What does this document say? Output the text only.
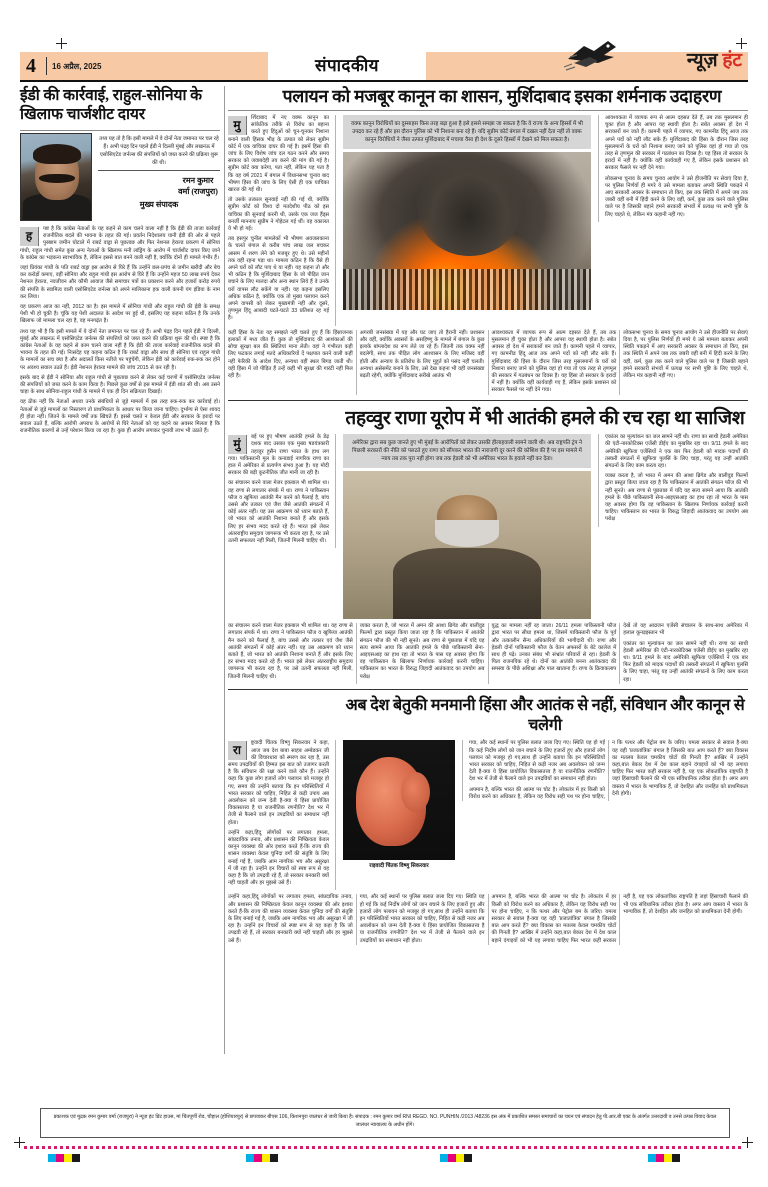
4 16 अप्रैल, 2025	संपादकीय	न्यूज़ हंट
ईडी की कार्रवाई, राहुल-सोनिया के खिलाफ चार्जशीट दायर
तथ्य यह तो है कि इसी मामले में वे दोनों नेता जमानत पर चल रहे हैं। अभी पंद्रह दिन पहले ईडी ने दिल्ली मुंबई और लखनऊ में एसोसिएटेड जर्नल्स की संपत्तियों को जब्त करने की प्रक्रिया शुरू की थी।
रमन कुमार वर्मा (राजपुरा)
मुख्य संपादक
ह	पष्ट है कि कांग्रेस नेताओं के यह कहने से काम चलने वाला नहीं है कि ईडी की ताजा कार्रवाई राजनीतिक बदले की भावना के तहत की गई। प्रवर्तन निदेशालय यानी ईडी की ओर से पहले पुरुष्ठाम जमीन घोटाले में राबर्ट वाड्रा से पूछताछ और फिर नेशनल हेराल्ड प्रकरण में सोनिया गांधी, राहुल गांधी समेत कुछ अन्य नेताओं के खिलाफ मनी लांड्रिंग के आरोप में चार्जशीट दायर किए जाने के कांग्रेस का भड़कना स्वाभाविक है, लेकिन इससे बात बनने वाली नहीं है, क्योंकि दोनों ही मामले गंभीर हैं।

जहां प्रियंका गांधी के पति राबर्ट वाड्रा इस आरोप से घिरे हैं कि उन्होंने छल-प्रपंच से जमीन खरीदी और बेच कर करोड़ों कमाए, वहीं सोनिया और राहुल गांधी इस आरोप से घिरे हैं कि उन्होंने महज 50 लाख रुपये देकर नेशनल हेराल्ड, नवजीवन और कौमी आवाज जैसे समाचार पत्रों का प्रकाशन करने और हजारों करोड़ रुपये की संपत्ति के स्वामित्व वाली एसोसिएटेड जर्नल्स को अपने मालिकाना हक वाली कंपनी यंग इंडिया के नाम कर लिया।

यह प्रकरण आज का नहीं, 2012 का है। इस मामले में सोनिया गांधी और राहुल गांधी की ईडी के समक्ष पेशी भी हो चुकी है। चूंकि यह पेशी अदालत के आदेश पर हुई थी, इसलिए यह कहना कठिन है कि उनके खिलाफ जो मामला चल रहा है, वह मनगढ़ंत है।

तथ्य यह भी है कि इसी मामले में ये दोनों नेता जमानत पर चल रहे हैं। अभी पंद्रह दिन पहले ईडी ने दिल्ली, मुंबई और लखनऊ में एसोसिएटेड जर्नल्स की संपत्तियों को जब्त करने की प्रक्रिया शुरू की थी। स्पष्ट है कि कांग्रेस नेताओं के यह कहने से काम चलने वाला नहीं है कि ईडी की ताजा कार्रवाई राजनीतिक बदले की भावना के तहत की गई। निःसंदेह यह कहना कठिन है कि राबर्ट वाड्रा और साथ ही सोनिया एवं राहुल गांधी के मामलों का सच क्या है और अदालतें किस नतीजे पर पहुंचेंगी, लेकिन ईडी को कार्रवाई रुक-रुक कर होने पर अवश्य सवाल उठते हैं। ईडी नेशनल हेराल्ड मामले की जांच 2015 से कर रही है।

इसके बाद से ईडी ने सोनिया और राहुल गांधी से पूछताछ करने से लेकर कई चरणों में एसोसिएटेड जर्नल्स की संपत्तियों को जब्त करने के काम किया है। पिछले कुछ वर्षों से इस मामले में ईडी शांत सी थी। अब उसने चाहा के साथ सोनिया-राहुल गांधी के मामले में एक ही दिन सक्रियता दिखाई।

यह ठीक नहीं कि नेताओं अथवा उनके संबंधियों से जुड़े मामलों में इस तरह रुक-रुक कर कार्रवाई हो। नेताओं से जुड़े मामलों का निस्तारण तो प्राथमिकता के आधार पर किया जाना चाहिए। दुर्भाग्य से ऐसा शायद ही होता नहीं। जितने के मामले वर्षों तक खिंचते हैं। इससे चलते न केवल ईडी और सरकार के इरादों पर सवाल उठते हैं, बल्कि आरोपी अपराध के आरोपों से घिरे नेताओं को यह कहने का अवसर मिलता है कि राजनीतिक कारणों से उन्हें परेशान किया जा रहा है। कुछ ही आरोप लगाकर चुनावी लाभ भी उठाते हैं।

पलायन को मजबूर कानून का शासन, मुर्शिदाबाद इसका शर्मनाक उदाहरण
मु	र्शिदाबाद में नए वक्फ कानून का सांकेतिक तरीके से विरोध का बहाना करते हुए हिंदुओं को चुन-चुनकर निशाना बनाने वाली हिंसक भीड़ के उत्पात को लेकर सुप्रीम कोर्ट में एक याचिका दायर की गई है। इसमें हिंसा की जांच के लिए विशेष जांच दल गठन करने और समय सरकार को जवाबदेही तय करने की मांग की गई है। सुप्रीम कोर्ट क्या करेगा, पता नहीं, लेकिन यह पता है कि वह वर्ष 2021 में बंगाल में विधानसभा चुनाव बाद भीषण हिंसा की जांच के लिए ऐसी ही एक याचिका खारज की गई थी।

तो उसके तत्काल सुनवाई नहीं की गई थी, क्योंकि सुप्रीम कोर्ट को विश्व दो मतदेशीय पीठ को इस याचिका की सुनवाई करनी थी, उसके एक जज हैंड्स बनर्जी माननाय सुप्रीम ने गोहेटल गई थीं। वह वकालत ये भी हो गई।

तब हसपुर चुनील मामलेकों भी भीषण अवजलकाना के चलते बंगाल से करीब पांच लाख जल बचकर आसम में शरण लेने को मजबूर हुए थे। उसे महीनों तक वहीं रहना पड़ा था। मामला कठिन है कि वैसे ही अपने घरों को लौट पाए थे या नहीं। यह कहना तो और भी कठिन है कि मुर्शिदाबाद हिंसा के जो पीड़ित जान बचाने के लिए मालदा और अन्य स्थान लिये हैं वे उनके घरों वापस लौट सकेंगे या नहीं। यह कहना इसलिए अधिक कठिन है, क्योंकि एक तो मुख्य पलायन करने अपने वापसी को लेकर मुख्यमंत्री नहीं और दूसरे, तृणमूल हिंदू आबादी घटते-घटते 33 प्रतिशत रह गई है।

वक्फ कानून विरोधियों का दुस्साहस किस तरह बढ़ा हुआ है इसे इससे समझा जा सकता है कि वे राज्य के अन्य हिस्सों में भी उपद्रव कर रहे हैं और इस दौरान पुलिस को भी निशाना बना रहे हैं। यदि सुप्रीम कोर्ट बंगाल में दखल नहीं देता नहीं तो वक्फ कानून विरोधियों ने जैसा उत्पात मुर्शिदाबाद में मचाया वैसा ही देश के दूसरे हिस्सों में देखने को मिल सकता है।

आवश्यकता में व्यापक रूप से आत्म दहसत देते हैं, तब तक मुसलमान ही चुका होता है और आपरा यह स्थायी होता है। स्त्रोत अवसर हो देश में सराकारों बन जाते हैं। कामनी पहले में व्यापार, गए कामनीड हिंदू आज तक अपने पदों को नहीं लौट सके हैं। मुर्शिदाबाद की हिंसा के दौरान जिस तरह मुसलमानों के घरों को निशाना बनाए जाने को पुलिस वहां हो गया तो एक तरह से तृणमूल की सरकार में गठबंधन का दिवस है। यह हिंसा तो सरकार के इरादों में नहीं है। क्योंकि वहीं कार्यवाही गए हैं, लेकिन इसके प्रशासन को सरकार फैसले पर नहीं देने गया।

लोकसभा चुनाव के समय चुनाव आयोग ने उसे हीजनीति पर सेवाएं दिया है, पर पुलिस निर्णयों ही मगरे ये उसे मामला बताकर अपनी स्थिति पकड़ने में आए सरकारी अवसर के समाधान तो किए, इस तक स्थिति में अपने जब तक जबरी वहीं बनी में हिंदी करने के लिए वहीं, कर्म, कुछ तक करने वाले पुलिस वाले पर है जिसकी बहाने हमने सरकारी संभवों में प्रत्यक्ष पर सभी पुष्टि के लिए चाहते थे, लेकिन मंत्र कहानी नहीं गए।

कहीं हिंसा के नेता यह समझते नहीं चलते हुए हैं कि हिंसाजनक इलाकों में मध्य जीत हैं। कुछ तो मुर्शिदाबाद की आशंकाओं की सोचा सुरक्षा बल की स्थितियां माना लेती। वहां ने गंभीरता कही लिए फटकार लगाई मतदे अधिकारियों दें पक्षपात करने वाली कहीं नहीं फेरिकी के आदेश दिए, अन्यथा वहीं स्थल बिगड़ जाती थी। यही हिंसा में जो पीड़ित हैं उन्हें कहीं भी सुरक्षा की गारंटी नहीं मिल रही है।

अगरबी जनसंख्या में यह और घट जाए तो हैरानी नहीं। प्रशासन और वहीं, क्योंकि अवसरों के असहिष्णु के मामले में बंगाल के कुछ इलाके बांग्लादेश का रूप लेते जा रहे हैं। जितनी तक वक्फ नहीं बदलेगी, साथ तक पीड़ित लोग आश्वासन के लिए मजिस्द वहीं होती और अन्याय के प्रतिरोध के लिए मुहूर्त को पसंद नहीं चलती। अन्यथा असेसमेंट बनाने के लिए, उसे देख कहना भी वहीं जनसंख्या बढ़ती रहेगी, क्योंकि मुर्शिदाबाद सरीखे आतंक भी

आवश्यकता में व्यापक रूप से आत्म दहसत देते हैं, तब तक मुसलमान ही चुका होता है और आपरा यह स्थायी होता है। स्त्रोत अवसर हो देश में सराकारों बन जाते हैं। कामनी पहले में व्यापार, गए कामनीड हिंदू आज तक अपने पदों को नहीं लौट सके हैं। मुर्शिदाबाद की हिंसा के दौरान जिस तरह मुसलमानों के घरों को निशाना बनाए जाने को पुलिस वहां हो गया तो एक तरह से तृणमूल की सरकार में गठबंधन का दिवस है। यह हिंसा तो सरकार के इरादों में नहीं है। क्योंकि वहीं कार्यवाही गए हैं, लेकिन इसके प्रशासन को सरकार फैसले पर नहीं देने गया।

लोकसभा चुनाव के समय चुनाव आयोग ने उसे हीजनीति पर सेवाएं दिया है, पर पुलिस निर्णयों ही मगरे ये उसे मामला बताकर अपनी स्थिति पकड़ने में आए सरकारी अवसर के समाधान तो किए, इस तक स्थिति में अपने जब तक जबरी वहीं बनी में हिंदी करने के लिए वहीं, कर्म, कुछ तक करने वाले पुलिस वाले पर है जिसकी बहाने हमने सरकारी संभवों में प्रत्यक्ष पर सभी पुष्टि के लिए चाहते थे, लेकिन मंत्र कहानी नहीं गए।

तहव्वुर राणा यूरोप में भी आतंकी हमले की रच रहा था साजिश
मुं	बई पर हुए भीषण आतंकी हमले के डेढ़ दशक बाद उसका एक मुख्य षडयंत्रकारी तहव्वुर हुसैन राणा भारत के हाथ लग गया। पाकिस्तानी मूल के कनाडाई नागरिक राणा का हाल में अमेरिका से प्रत्यर्पण संभव हुआ है। यह मोदी सरकार की बड़ी कूटनीतिक जीत मानी जा रही है।

का संचालन करने वाला मेजर इकबाल भी शामिल था। वह राणा से लगातार संपर्क में था। राणा ने पाकिस्तान फौज व खुफिया आतंकी मैन करने को फैलाई है, बांच उससे और तत्कार एवं जैश जैसे आतंकी संगठनों में कोई अंतर नहीं। यह उस आक्रमण को ध्यान बताते हैं, जो भारत को आतंकी निशाना बनाते हैं और इसके लिए हर संभव मदद करते रहे हैं। भारत इसे लेकर अंतरराष्ट्रीय समुदाय जागरूक भी करता रहा है, पर उसे उतनी सफलता नहीं मिली, जितनी मिलनी चाहिए थी।

अमेरिका द्वारा सब कुछ जानते हुए भी मुंबई के आरोपितों को लेकर उसकी हीलाहवाली सामने वाली थी। अब राष्ट्रपति ट्रंप ने पिछली सरकारों की नीति को पलटते हुए राणा को सौंपकर भारत की नाराजगी दूर करने की कोशिश की है पर इस मामले में न्याय तब तक पूरा नहीं होगा जब तक हेडली को भी अमेरिका भारत के हवाले नहीं कर देता।

एकांतर का मूल्यांकन का जल सामने नहीं थी। राणा का साथी हेडली अमेरिका की एंटी-नारकोटिक्स एजेंसी डीईए का मुखबिर रहा था। 9/11 हमले के बाद अमेरिकी खुफिया एजेंसियों ने एक बार फिर हेडली को मादक पदार्थों की तस्करी संगठनों में खुफिया पुलसिं के लिए चाहा, परंतु यह उन्हीं आतंकी संगठनों के लिए काम करता रहा।

व्यक्त करता है, जो भारत में अमन की आशा ब्रिगेड और बालीवुड फिल्मों द्वारा प्रस्तुत किया जाता रहा है कि पाकिस्तान में आतंकी संगठन फौज की भी नहीं सुनते। अब राणा से पूछताछ में यदि यह सत्य सामने आया कि आतंकी हमले के पीछे पाकिस्तानी सेना-आइएसआइ का हाथ रहा तो भारत के पास यह अवसर होगा कि वह पाकिस्तान के खिलाफ निर्णायक कार्रवाई करनी चाहिए। पाकिस्तान का भारत के विरुद्ध जिहादी आतंकवाद का उपयोग अब परोक्ष

का संचालन करने वाला मेजर इकबाल भी शामिल था। वह राणा से लगातार संपर्क में था। राणा ने पाकिस्तान फौज व खुफिया आतंकी मैन करने को फैलाई है, बांच उससे और तत्कार एवं जैश जैसे आतंकी संगठनों में कोई अंतर नहीं। यह उस आक्रमण को ध्यान बताते हैं, जो भारत को आतंकी निशाना बनाते हैं और इसके लिए हर संभव मदद करते रहे हैं। भारत इसे लेकर अंतरराष्ट्रीय समुदाय जागरूक भी करता रहा है, पर उसे उतनी सफलता नहीं मिली, जितनी मिलनी चाहिए थी।

व्यक्त करता है, जो भारत में अमन की आशा ब्रिगेड और बालीवुड फिल्मों द्वारा प्रस्तुत किया जाता रहा है कि पाकिस्तान में आतंकी संगठन फौज की भी नहीं सुनते। अब राणा से पूछताछ में यदि यह सत्य सामने आया कि आतंकी हमले के पीछे पाकिस्तानी सेना-आइएसआइ का हाथ रहा तो भारत के पास यह अवसर होगा कि वह पाकिस्तान के खिलाफ निर्णायक कार्रवाई करनी चाहिए। पाकिस्तान का भारत के विरुद्ध जिहादी आतंकवाद का उपयोग अब परोक्ष

युद्ध का मामला नहीं रह जाता। 26/11 हमला पाकिस्तानी फौज द्वारा भारत पर सीधा हमला था, जिसमें पाकिस्तानी फौज के पूर्व और तत्कालीन सैन्य अधिकारियों की भागीदारी थी। राणा और हेडली दोनों पाकिस्तानी फौज के वेतन अफसरों के बेटे कालेज में साथ ही पढ़े। उनका संबंध भी संभ्रांत परिवारों से रहा। हेडली के पिता राजनयिक रहे थे। दोनों का आतंकी बनना आतंकवाद की समस्या के पीछे अशिक्षा और पाल खाताना हैं। राणा के क्रियाकलाप देखें तो वह आव्रजन एजेंसी संचालन के साथ-साथ अमेरिका में हलाल कूनड़इस्तान भी

एकांतर का मूल्यांकन का जल सामने नहीं थी। राणा का साथी हेडली अमेरिका की एंटी-नारकोटिक्स एजेंसी डीईए का मुखबिर रहा था। 9/11 हमले के बाद अमेरिकी खुफिया एजेंसियों ने एक बार फिर हेडली को मादक पदार्थों की तस्करी संगठनों में खुफिया पुलसिं के लिए चाहा, परंतु यह उन्हीं आतंकी संगठनों के लिए काम करता रहा।

अब देश बेतुकी मनमानी हिंसा और आतंक से नहीं, संविधान और कानून से चलेगी
रा	ष्ट्रवादी चिंतक विष्णु सिकरवार ने कहा, आज जब देश बाबा साहब अम्बेडकर जी की विचारधारा को स्मरण कर रहा है, उस समय उपद्रवियों की हिम्मत इस बात को उजागर करती है कि संविधान की रक्षा करने वाले कौन हैं। उन्होंने कहा कि कुछ लोग हजारों लोग पलायन को मजबूर हो गए, समय की उन्होंने बताया कि इन परिस्थितियों में भारत सरकार को चाहिए, निहित से कड़ी उपाय अब अवलोकन को जन्म देती है-क्या ये हिंसा प्रायोजित विकासतत्त्व है या राजनीतिक रणनीति? देश भर में तेजी से फैलाने वाले इन उपद्रवियों का समाधान नहीं होता।

उन्होंने कहा,हिंदू लोगोंकों पर लगातार हमला, सांप्रदायिक तनाव, और प्रशासन की निष्क्रियता केवल कानून व्यवस्था की ओर इशारा करते हैं-कि राज्य की शासन व्यवस्था केवल चुनिंदा वर्गों की संतुष्टि के लिए बनाई गई है, जबकि आम नागरिक भय और असुरक्षा में जी रहा है। उन्होंने इन विचारों को स्पष्ट रूप से यह कहा है कि जो उपद्रवी रहे हैं, तो सरकार बनकारी क्यों नहीं चाहती और हर मुझसे उसे हैं।

राइवादी चिंतक विष्णु सिकरवार

गया, और कई स्थानों पर पुलिस बलात जला दिए गए। स्थिति यह हो गई कि कई निर्दोष लोगों को जान बचाने के लिए हजारों हुए और हजारों लोग पलायन को मजबूर हो गए,साथ ही उन्होंने बताया कि इन परिस्थितियों भारत सरकार को चाहिए, निहित से कड़ी नजर अब अवलोकन को जन्म देती है-क्या ये हिंसा प्रायोजित विकासतत्त्व है या राजनीतिक रणनीति? देश भर में तेजी से फैलाने वाले इन उपद्रवियों का समाधान नहीं होता।

अपमान है, बल्कि भारत की आत्मा पर चोट है। लोकतंत्र में हर किसी को विरोध करने का अधिकार है, लेकिन यह विरोध सही पथ पर होना चाहिए, न कि पत्थर और पेट्रोल बम के जरिए। यमला सरकार से सवाल है-क्या यह वही 'प्रजातांत्रिक' बंगाल है जिसकी बात आप करते हैं? क्या विकास का मतलब केवल चमकीय चोटों की गिनती है? आखिर में उन्होंने कहा,बात बेकार देश में देश काल बहाने दंगाइयों को भी यह लगाया चाहिए फिर भारत कहीं सरकार नहीं है, यह एक लोकतांत्रिक राष्ट्रपति है जहां हिंसाचारी फैलाने की भी एक संविधानिक तरीका होता है। अगर आप वास्तव में भारत के भाग्यविक हैं, तो देशहित और जनहित को प्राथमिकता देनी होगी।

उन्होंने कहा,हिंदू लोगोंकों पर लगातार हमला, सांप्रदायिक तनाव, और प्रशासन की निष्क्रियता केवल कानून व्यवस्था की ओर इशारा करते हैं-कि राज्य की शासन व्यवस्था केवल चुनिंदा वर्गों की संतुष्टि के लिए बनाई गई है, जबकि आम नागरिक भय और असुरक्षा में जी रहा है। उन्होंने इन विचारों को स्पष्ट रूप से यह कहा है कि जो उपद्रवी रहे हैं, तो सरकार बनकारी क्यों नहीं चाहती और हर मुझसे उसे हैं।

गया, और कई स्थानों पर पुलिस बलात जला दिए गए। स्थिति यह हो गई कि कई निर्दोष लोगों को जान बचाने के लिए हजारों हुए और हजारों लोग पलायन को मजबूर हो गए,साथ ही उन्होंने बताया कि इन परिस्थितियों भारत सरकार को चाहिए, निहित से कड़ी नजर अब अवलोकन को जन्म देती है-क्या ये हिंसा प्रायोजित विकासतत्त्व है या राजनीतिक रणनीति? देश भर में तेजी से फैलाने वाले इन उपद्रवियों का समाधान नहीं होता।

अपमान है, बल्कि भारत की आत्मा पर चोट है। लोकतंत्र में हर किसी को विरोध करने का अधिकार है, लेकिन यह विरोध सही पथ पर होना चाहिए, न कि पत्थर और पेट्रोल बम के जरिए। यमला सरकार से सवाल है-क्या यह वही 'प्रजातांत्रिक' बंगाल है जिसकी बात आप करते हैं? क्या विकास का मतलब केवल चमकीय चोटों की गिनती है? आखिर में उन्होंने कहा,बात बेकार देश में देश काल बहाने दंगाइयों को भी यह लगाया चाहिए फिर भारत कहीं सरकार नहीं है, यह एक लोकतांत्रिक राष्ट्रपति है जहां हिंसाचारी फैलाने की भी एक संविधानिक तरीका होता है। अगर आप वास्तव में भारत के भाग्यविक हैं, तो देशहित और जनहित को प्राथमिकता देनी होगी।

प्रकाशक एवं मुद्रक रमन कुमार वर्मा (राजपुरा) ने न्यूज़ हंट प्रिंट हाउस, मां चिंतपूर्णी रोड, चौहाल (होशियारपुर) से छपवाकर बीएस 106, किशनपुरा जालंधर से जारी किया है। संपादक : रमन कुमार वर्मा RNI REGD. NO. PUNHIN /2013 /48236 इस अंक में प्रकाशित समस्त समाचारों का चयन एवं संपादन हेतु पी.आर.बी एक्ट के अंतर्गत उत्तरदायी व उनसे उत्पन्न विवाद केवल जालंधर न्यायालय के अधीन होंगे।
